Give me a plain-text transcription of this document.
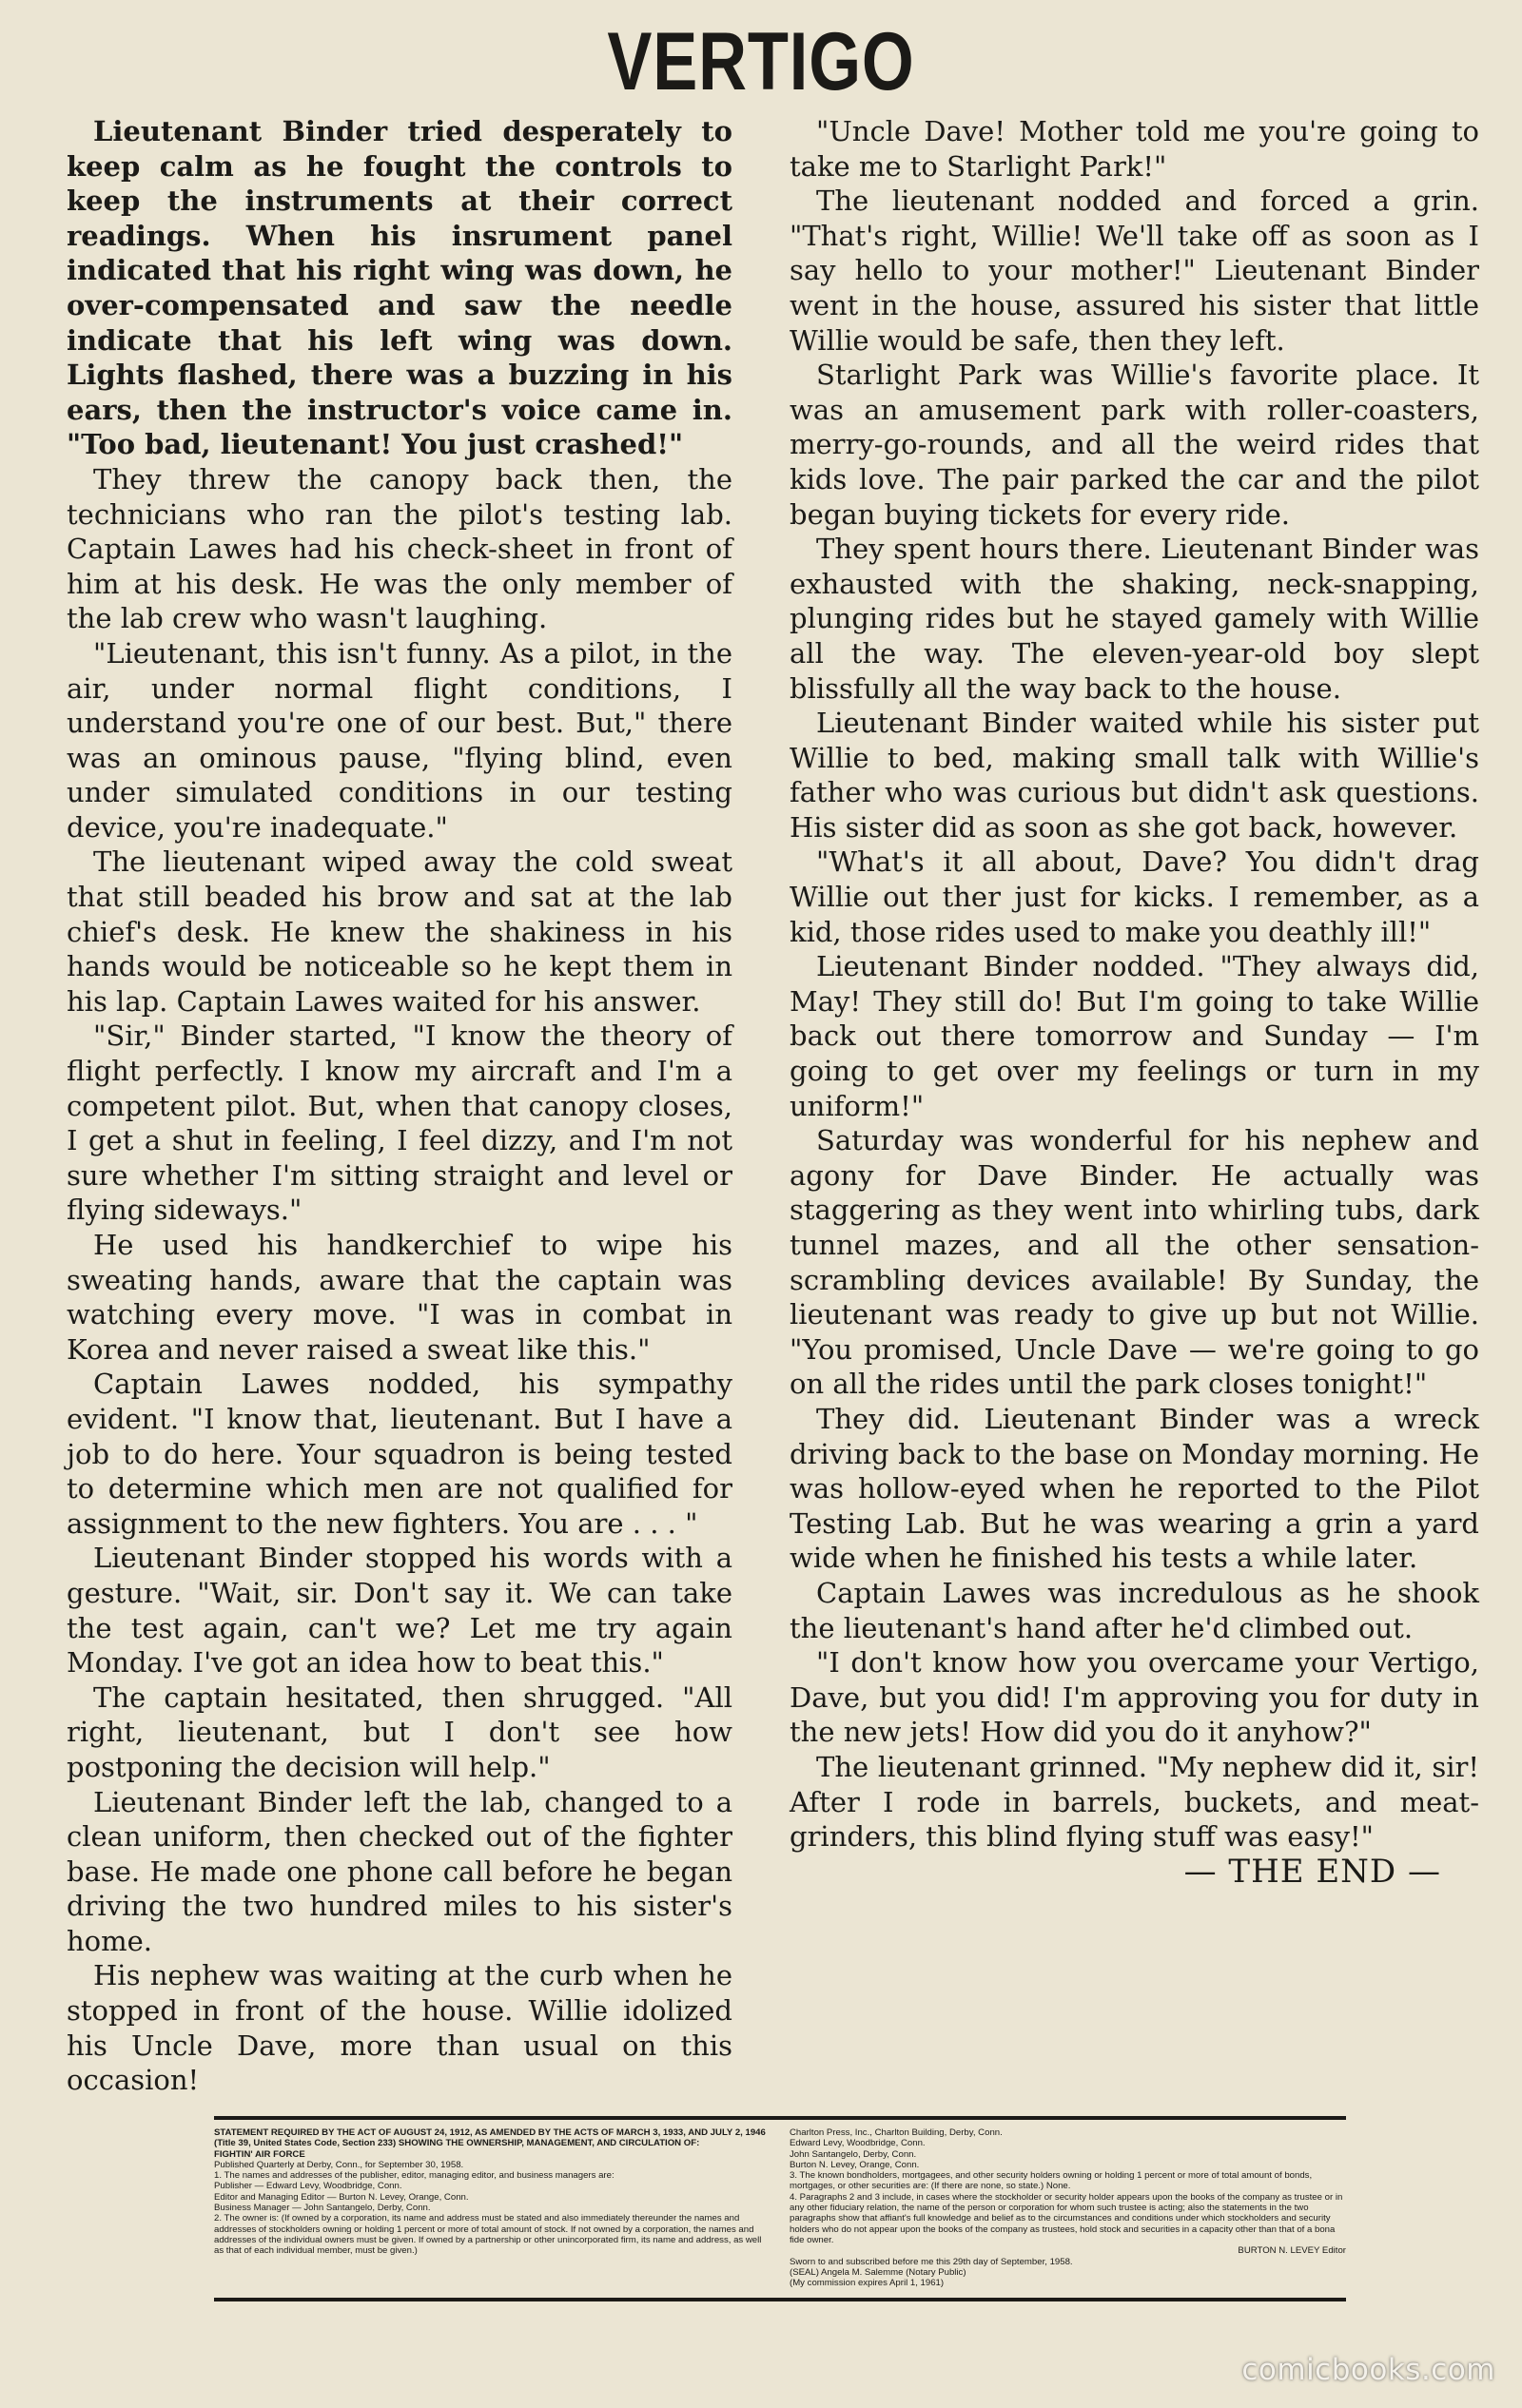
VERTIGO

Lieutenant Binder tried desperately to keep calm as he fought the controls to keep the instruments at their correct readings. When his insrument panel indicated that his right wing was down, he over-compensated and saw the needle indicate that his left wing was down. Lights flashed, there was a buzzing in his ears, then the instructor's voice came in. "Too bad, lieutenant! You just crashed!"

They threw the canopy back then, the technicians who ran the pilot's testing lab. Captain Lawes had his check-sheet in front of him at his desk. He was the only member of the lab crew who wasn't laughing.

"Lieutenant, this isn't funny. As a pilot, in the air, under normal flight conditions, I understand you're one of our best. But," there was an ominous pause, "flying blind, even under simulated conditions in our testing device, you're inadequate."

The lieutenant wiped away the cold sweat that still beaded his brow and sat at the lab chief's desk. He knew the shakiness in his hands would be noticeable so he kept them in his lap. Captain Lawes waited for his answer.

"Sir," Binder started, "I know the theory of flight perfectly. I know my aircraft and I'm a competent pilot. But, when that canopy closes, I get a shut in feeling, I feel dizzy, and I'm not sure whether I'm sitting straight and level or flying sideways."

He used his handkerchief to wipe his sweating hands, aware that the captain was watching every move. "I was in combat in Korea and never raised a sweat like this."

Captain Lawes nodded, his sympathy evident. "I know that, lieutenant. But I have a job to do here. Your squadron is being tested to determine which men are not qualified for assignment to the new fighters. You are . . . "

Lieutenant Binder stopped his words with a gesture. "Wait, sir. Don't say it. We can take the test again, can't we? Let me try again Monday. I've got an idea how to beat this."

The captain hesitated, then shrugged. "All right, lieutenant, but I don't see how postponing the decision will help."

Lieutenant Binder left the lab, changed to a clean uniform, then checked out of the fighter base. He made one phone call before he began driving the two hundred miles to his sister's home.

His nephew was waiting at the curb when he stopped in front of the house. Willie idolized his Uncle Dave, more than usual on this occasion!

"Uncle Dave! Mother told me you're going to take me to Starlight Park!"

The lieutenant nodded and forced a grin. "That's right, Willie! We'll take off as soon as I say hello to your mother!" Lieutenant Binder went in the house, assured his sister that little Willie would be safe, then they left.

Starlight Park was Willie's favorite place. It was an amusement park with roller-coasters, merry-go-rounds, and all the weird rides that kids love. The pair parked the car and the pilot began buying tickets for every ride.

They spent hours there. Lieutenant Binder was exhausted with the shaking, neck-snapping, plunging rides but he stayed gamely with Willie all the way. The eleven-year-old boy slept blissfully all the way back to the house.

Lieutenant Binder waited while his sister put Willie to bed, making small talk with Willie's father who was curious but didn't ask questions. His sister did as soon as she got back, however.

"What's it all about, Dave? You didn't drag Willie out ther just for kicks. I remember, as a kid, those rides used to make you deathly ill!"

Lieutenant Binder nodded. "They always did, May! They still do! But I'm going to take Willie back out there tomorrow and Sunday — I'm going to get over my feelings or turn in my uniform!"

Saturday was wonderful for his nephew and agony for Dave Binder. He actually was staggering as they went into whirling tubs, dark tunnel mazes, and all the other sensation-scrambling devices available! By Sunday, the lieutenant was ready to give up but not Willie. "You promised, Uncle Dave — we're going to go on all the rides until the park closes tonight!"

They did. Lieutenant Binder was a wreck driving back to the base on Monday morning. He was hollow-eyed when he reported to the Pilot Testing Lab. But he was wearing a grin a yard wide when he finished his tests a while later.

Captain Lawes was incredulous as he shook the lieutenant's hand after he'd climbed out.

"I don't know how you overcame your Vertigo, Dave, but you did! I'm approving you for duty in the new jets! How did you do it anyhow?"

The lieutenant grinned. "My nephew did it, sir! After I rode in barrels, buckets, and meat-grinders, this blind flying stuff was easy!"

— THE END —

STATEMENT REQUIRED BY THE ACT OF AUGUST 24, 1912, AS AMENDED BY THE ACTS OF MARCH 3, 1933, AND JULY 2, 1946 (Title 39, United States Code, Section 233) SHOWING THE OWNERSHIP, MANAGEMENT, AND CIRCULATION OF:

FIGHTIN' AIR FORCE

Published Quarterly at Derby, Conn., for September 30, 1958.

1. The names and addresses of the publisher, editor, managing editor, and business managers are:

Publisher — Edward Levy, Woodbridge, Conn.

Editor and Managing Editor — Burton N. Levey, Orange, Conn.

Business Manager — John Santangelo, Derby, Conn.

2. The owner is: (If owned by a corporation, its name and address must be stated and also immediately thereunder the names and addresses of stockholders owning or holding 1 percent or more of total amount of stock. If not owned by a corporation, the names and addresses of the individual owners must be given. If owned by a partnership or other unincorporated firm, its name and address, as well as that of each individual member, must be given.)

Charlton Press, Inc., Charlton Building, Derby, Conn.

Edward Levy, Woodbridge, Conn.

John Santangelo, Derby, Conn.

Burton N. Levey, Orange, Conn.

3. The known bondholders, mortgagees, and other security holders owning or holding 1 percent or more of total amount of bonds, mortgages, or other securities are: (If there are none, so state.) None.

4. Paragraphs 2 and 3 include, in cases where the stockholder or security holder appears upon the books of the company as trustee or in any other fiduciary relation, the name of the person or corporation for whom such trustee is acting; also the statements in the two paragraphs show that affiant's full knowledge and belief as to the circumstances and conditions under which stockholders and security holders who do not appear upon the books of the company as trustees, hold stock and securities in a capacity other than that of a bona fide owner.

BURTON N. LEVEY Editor

Sworn to and subscribed before me this 29th day of September, 1958.

(SEAL) Angela M. Salemme (Notary Public)

(My commission expires April 1, 1961)

comicbooks.com
